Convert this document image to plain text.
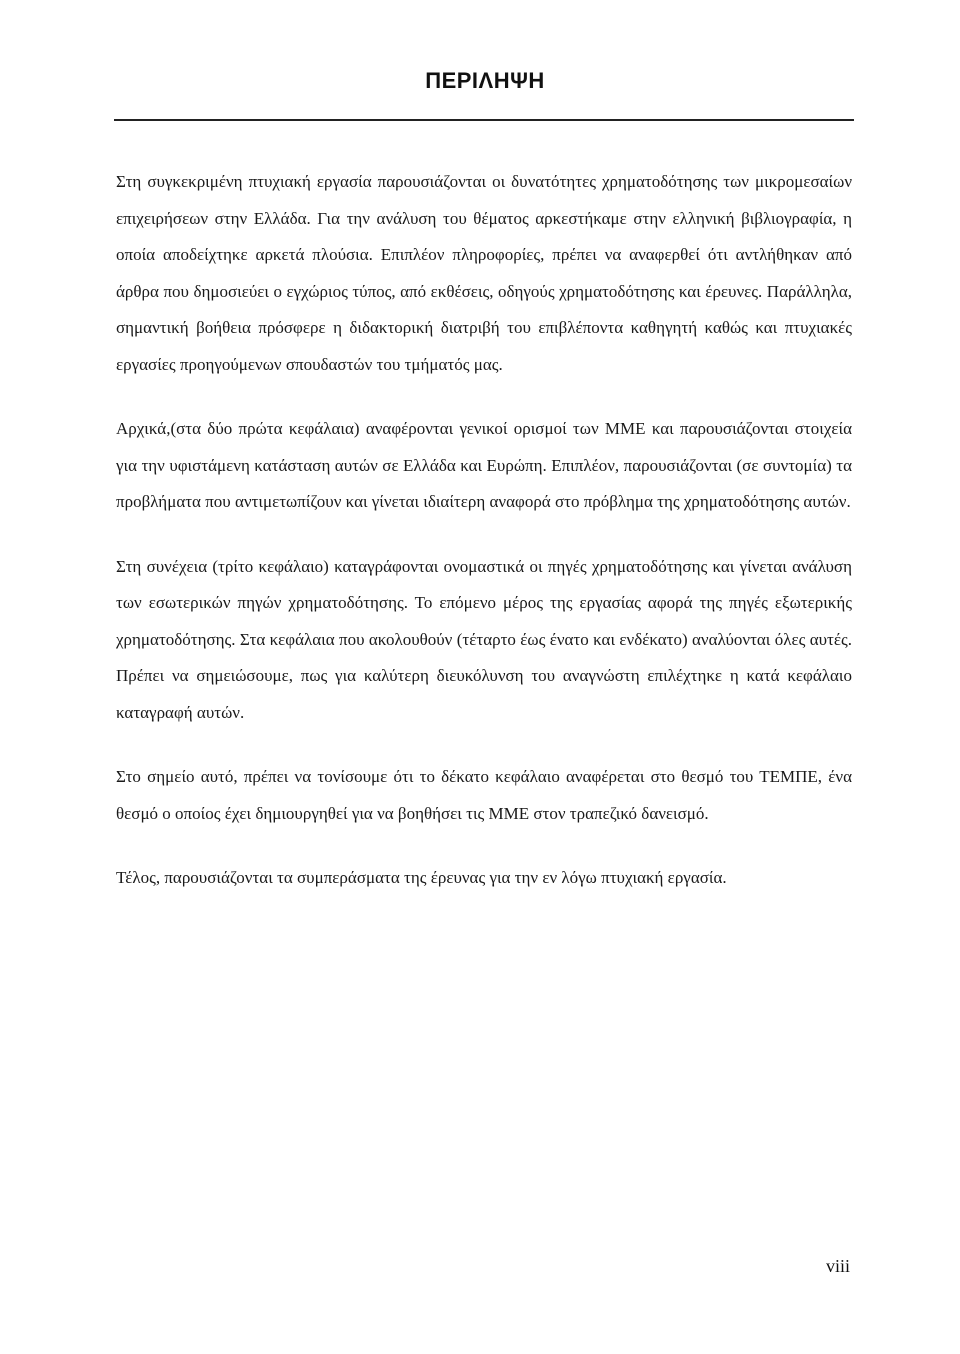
ΠΕΡΙΛΗΨΗ

Στη συγκεκριμένη πτυχιακή εργασία παρουσιάζονται οι δυνατότητες χρηματοδότησης των μικρομεσαίων επιχειρήσεων στην Ελλάδα. Για την ανάλυση του θέματος αρκεστήκαμε στην ελληνική βιβλιογραφία, η οποία αποδείχτηκε αρκετά πλούσια. Επιπλέον πληροφορίες, πρέπει να αναφερθεί ότι αντλήθηκαν από άρθρα που δημοσιεύει ο εγχώριος τύπος, από εκθέσεις, οδηγούς χρηματοδότησης και έρευνες. Παράλληλα, σημαντική βοήθεια πρόσφερε η διδακτορική διατριβή του επιβλέποντα καθηγητή καθώς και πτυχιακές εργασίες προηγούμενων σπουδαστών του τμήματός μας.

Αρχικά,(στα δύο πρώτα κεφάλαια) αναφέρονται γενικοί ορισμοί των ΜΜΕ και παρουσιάζονται στοιχεία για την υφιστάμενη κατάσταση αυτών σε Ελλάδα και Ευρώπη. Επιπλέον, παρουσιάζονται (σε συντομία) τα προβλήματα που αντιμετωπίζουν και γίνεται ιδιαίτερη αναφορά στο πρόβλημα της χρηματοδότησης αυτών.

Στη συνέχεια (τρίτο κεφάλαιο) καταγράφονται ονομαστικά οι πηγές χρηματοδότησης και γίνεται ανάλυση των εσωτερικών πηγών χρηματοδότησης. Το επόμενο μέρος της εργασίας αφορά της πηγές εξωτερικής χρηματοδότησης. Στα κεφάλαια που ακολουθούν (τέταρτο έως ένατο και ενδέκατο) αναλύονται όλες αυτές. Πρέπει να σημειώσουμε, πως για καλύτερη διευκόλυνση του αναγνώστη επιλέχτηκε η κατά κεφάλαιο καταγραφή αυτών.

Στο σημείο αυτό, πρέπει να τονίσουμε ότι το δέκατο κεφάλαιο αναφέρεται στο θεσμό του ΤΕΜΠΕ, ένα θεσμό ο οποίος έχει δημιουργηθεί για να βοηθήσει τις ΜΜΕ στον τραπεζικό δανεισμό.

Τέλος, παρουσιάζονται τα συμπεράσματα της έρευνας για την εν λόγω πτυχιακή εργασία.

viii
